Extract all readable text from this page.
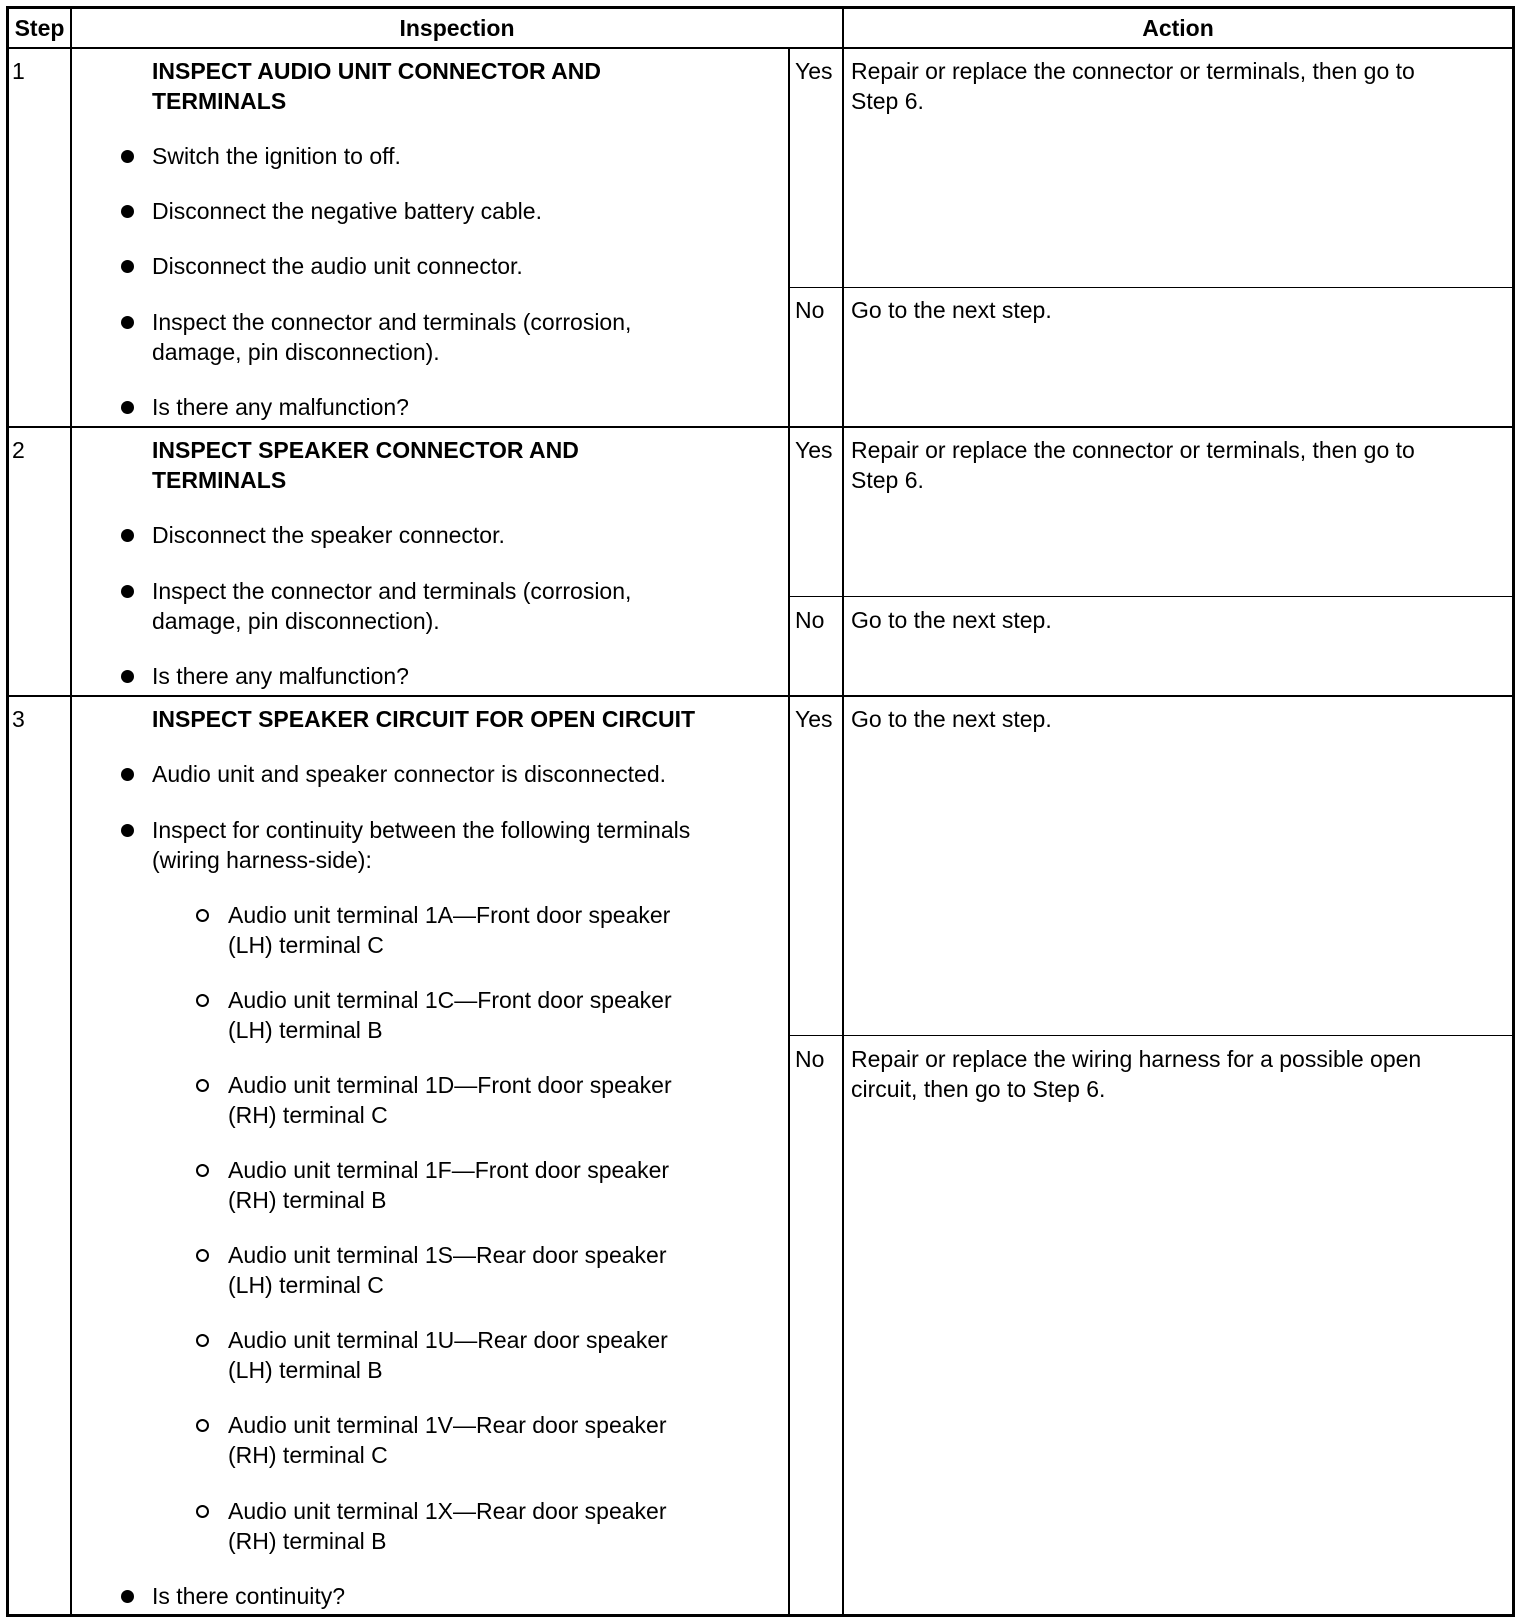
Step	Inspection	Action
1	INSPECT AUDIO UNIT CONNECTOR AND
TERMINALS
Switch the ignition to off.
Disconnect the negative battery cable.
Disconnect the audio unit connector.
Inspect the connector and terminals (corrosion,
damage, pin disconnection).
Is there any malfunction?
Yes Repair or replace the connector or terminals, then go to
Step 6.
No Go to the next step.
2	INSPECT SPEAKER CONNECTOR AND
TERMINALS
Disconnect the speaker connector.
Inspect the connector and terminals (corrosion,
damage, pin disconnection).
Is there any malfunction?
Yes Repair or replace the connector or terminals, then go to
Step 6.
No Go to the next step.
3	INSPECT SPEAKER CIRCUIT FOR OPEN CIRCUIT
Audio unit and speaker connector is disconnected.
Inspect for continuity between the following terminals
(wiring harness-side):
Audio unit terminal 1A—Front door speaker
(LH) terminal C
Audio unit terminal 1C—Front door speaker
(LH) terminal B
Audio unit terminal 1D—Front door speaker
(RH) terminal C
Audio unit terminal 1F—Front door speaker
(RH) terminal B
Audio unit terminal 1S—Rear door speaker
(LH) terminal C
Audio unit terminal 1U—Rear door speaker
(LH) terminal B
Audio unit terminal 1V—Rear door speaker
(RH) terminal C
Audio unit terminal 1X—Rear door speaker
(RH) terminal B
Is there continuity?
Yes Go to the next step.
No Repair or replace the wiring harness for a possible open
circuit, then go to Step 6.
